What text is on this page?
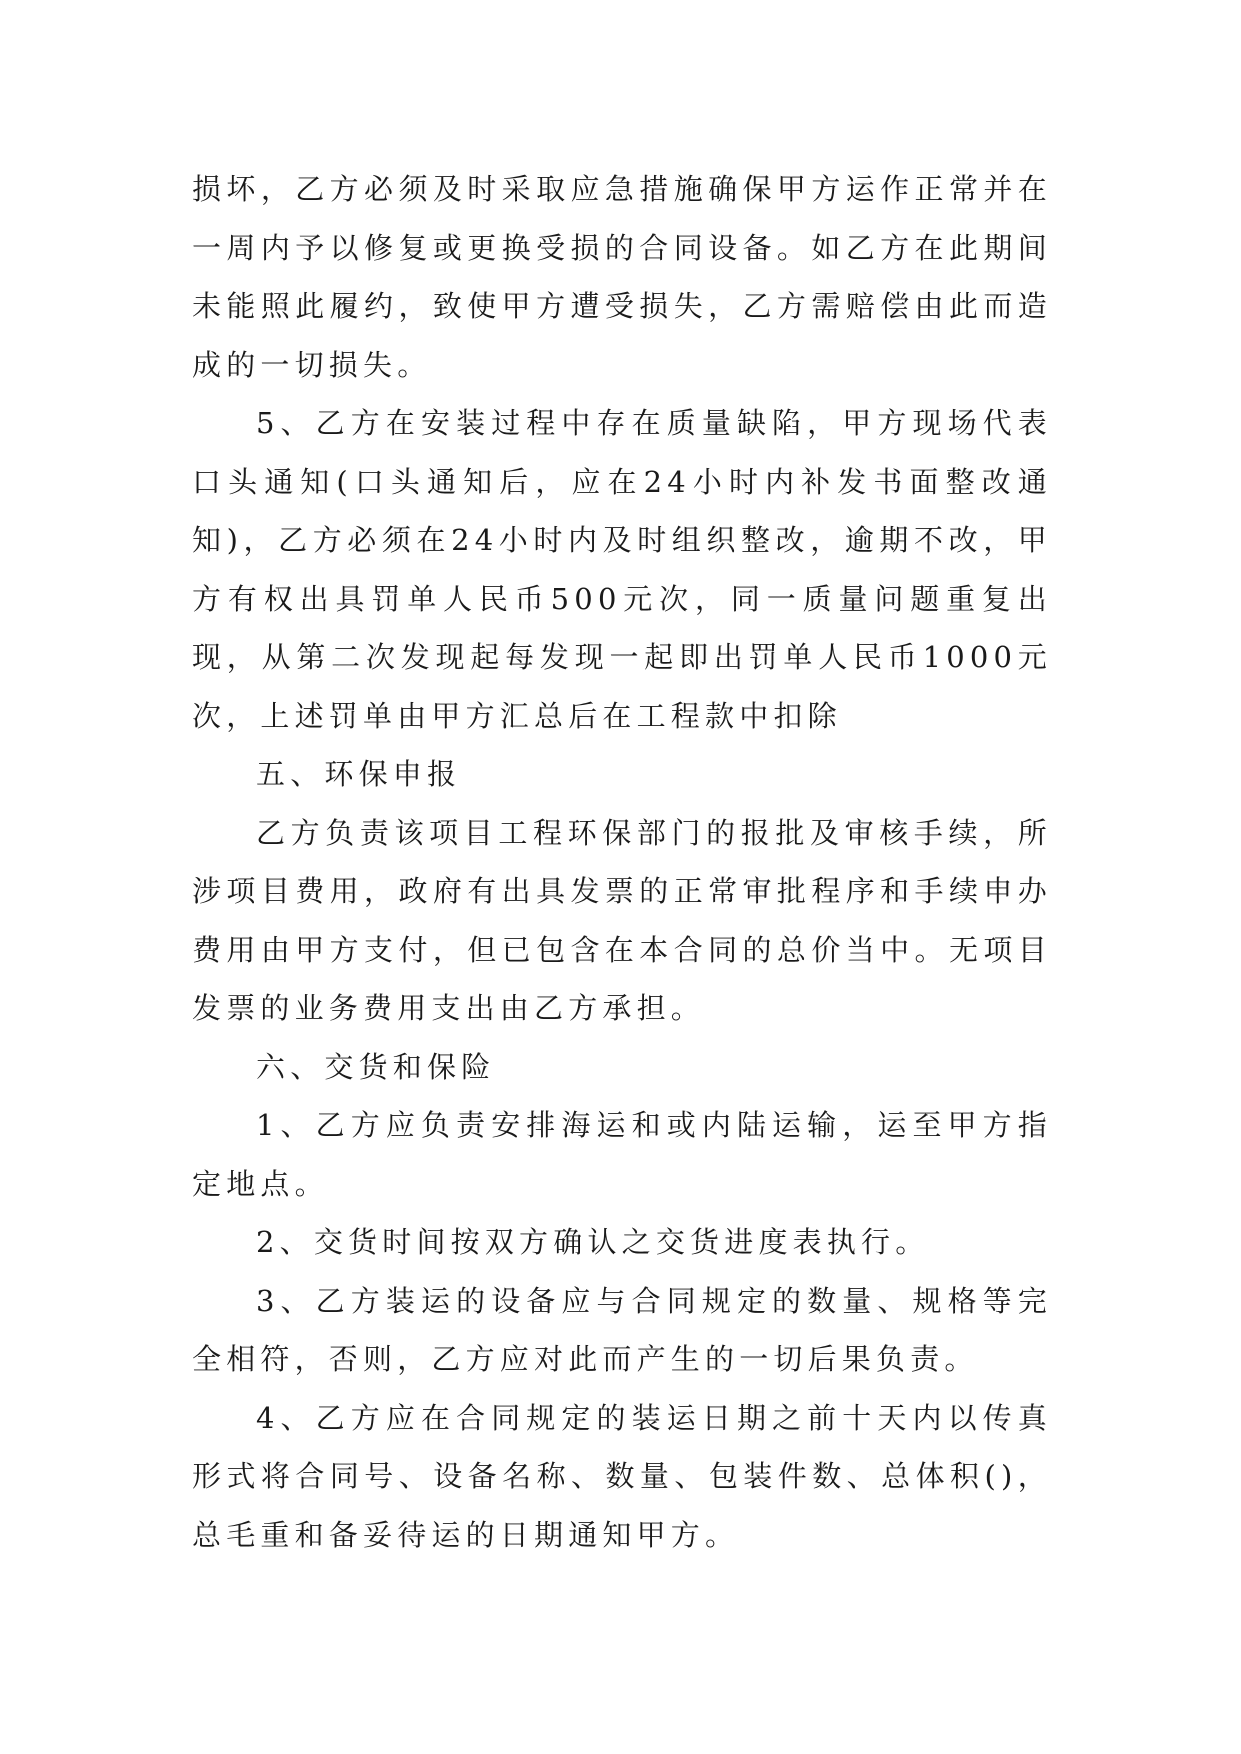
损坏，乙方必须及时采取应急措施确保甲方运作正常并在一周内予以修复或更换受损的合同设备。如乙方在此期间未能照此履约，致使甲方遭受损失，乙方需赔偿由此而造成的一切损失。

5、乙方在安装过程中存在质量缺陷，甲方现场代表口头通知(口头通知后，应在24小时内补发书面整改通知)，乙方必须在24小时内及时组织整改，逾期不改，甲方有权出具罚单人民币500元次，同一质量问题重复出现，从第二次发现起每发现一起即出罚单人民币1000元次，上述罚单由甲方汇总后在工程款中扣除

五、环保申报

乙方负责该项目工程环保部门的报批及审核手续，所涉项目费用，政府有出具发票的正常审批程序和手续申办费用由甲方支付，但已包含在本合同的总价当中。无项目发票的业务费用支出由乙方承担。

六、交货和保险

1、乙方应负责安排海运和或内陆运输，运至甲方指定地点。

2、交货时间按双方确认之交货进度表执行。

3、乙方装运的设备应与合同规定的数量、规格等完全相符，否则，乙方应对此而产生的一切后果负责。

4、乙方应在合同规定的装运日期之前十天内以传真形式将合同号、设备名称、数量、包装件数、总体积()，总毛重和备妥待运的日期通知甲方。
